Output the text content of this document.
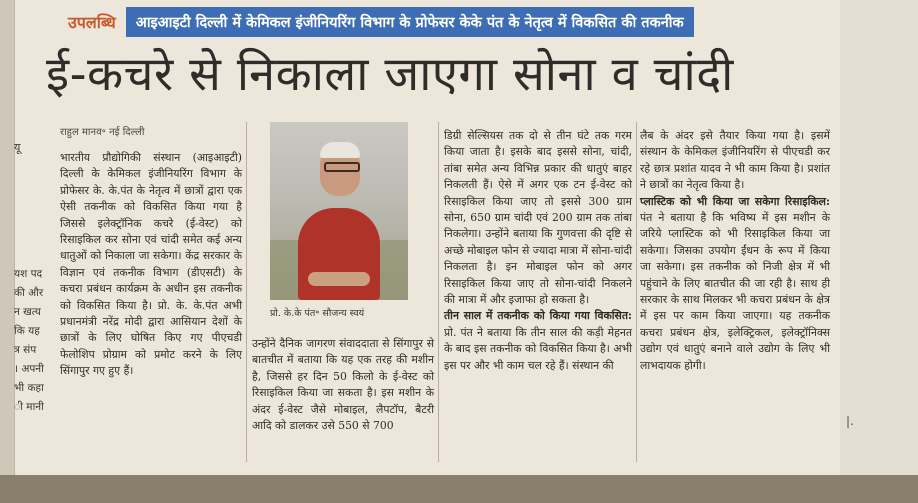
यू
यश पद
की और
न खत्य
कि यह
त्र संप
। अपनी
भी कहा
ी मानी
उपलब्धि	आइआइटी दिल्ली में केमिकल इंजीनियरिंग विभाग के प्रोफेसर केके पंत के नेतृत्व में विकसित की तकनीक
ई-कचरे से निकाला जाएगा सोना व चांदी
राहुल मानव॰ नई दिल्ली
भारतीय प्रौद्योगिकी संस्थान (आइआइटी) दिल्ली के केमिकल इंजीनियरिंग विभाग के प्रोफेसर के. के.पंत के नेतृत्व में छात्रों द्वारा एक ऐसी तकनीक को विकसित किया गया है जिससे इलेक्ट्रॉनिक कचरे (ई-वेस्ट) को रिसाइकिल कर सोना एवं चांदी समेत कई अन्य धातुओं को निकाला जा सकेगा। केंद्र सरकार के विज्ञान एवं तकनीक विभाग (डीएसटी) के कचरा प्रबंधन कार्यक्रम के अधीन इस तकनीक को विकसित किया है। प्रो. के. के.पंत अभी प्रधानमंत्री नरेंद्र मोदी द्वारा आसियान देशों के छात्रों के लिए घोषित किए गए पीएचडी फेलोशिप प्रोग्राम को प्रमोट करने के लिए सिंगापुर गए हुए हैं।
प्रो. के.के पंत॰ सौजन्य स्वयं
उन्होंने दैनिक जागरण संवाददाता से सिंगापुर से बातचीत में बताया कि यह एक तरह की मशीन है, जिससे हर दिन 50 किलो के ई-वेस्ट को रिसाइकिल किया जा सकता है। इस मशीन के अंदर ई-वेस्ट जैसे मोबाइल, लैपटॉप, बैटरी आदि को डालकर उसे 550 से 700
डिग्री सेल्सियस तक दो से तीन घंटे तक गरम किया जाता है। इसके बाद इससे सोना, चांदी, तांबा समेत अन्य विभिन्न प्रकार की धातुएं बाहर निकलती हैं। ऐसे में अगर एक टन ई-वेस्ट को रिसाइकिल किया जाए तो इससे 300 ग्राम सोना, 650 ग्राम चांदी एवं 200 ग्राम तक तांबा निकलेगा। उन्होंने बताया कि गुणवत्ता की दृष्टि से अच्छे मोबाइल फोन से ज्यादा मात्रा में सोना-चांदी निकलता है। इन मोबाइल फोन को अगर रिसाइकिल किया जाए तो सोना-चांदी निकलने की मात्रा में और इजाफा हो सकता है।
तीन साल में तकनीक को किया गया विकसित: प्रो. पंत ने बताया कि तीन साल की कड़ी मेहनत के बाद इस तकनीक को विकसित किया है। अभी इस पर और भी काम चल रहे हैं। संस्थान की
लैब के अंदर इसे तैयार किया गया है। इसमें संस्थान के केमिकल इंजीनियरिंग से पीएचडी कर रहे छात्र प्रशांत यादव ने भी काम किया है। प्रशांत ने छात्रों का नेतृत्व किया है।
प्लास्टिक को भी किया जा सकेगा रिसाइकिल: पंत ने बताया है कि भविष्य में इस मशीन के जरिये प्लास्टिक को भी रिसाइकिल किया जा सकेगा। जिसका उपयोग ईंधन के रूप में किया जा सकेगा। इस तकनीक को निजी क्षेत्र में भी पहुंचाने के लिए बातचीत की जा रही है। साथ ही सरकार के साथ मिलकर भी कचरा प्रबंधन के क्षेत्र में इस पर काम किया जाएगा। यह तकनीक कचरा प्रबंधन क्षेत्र, इलेक्ट्रिकल, इलेक्ट्रॉनिक्स उद्योग एवं धातुएं बनाने वाले उद्योग के लिए भी लाभदायक होगी।
|.
